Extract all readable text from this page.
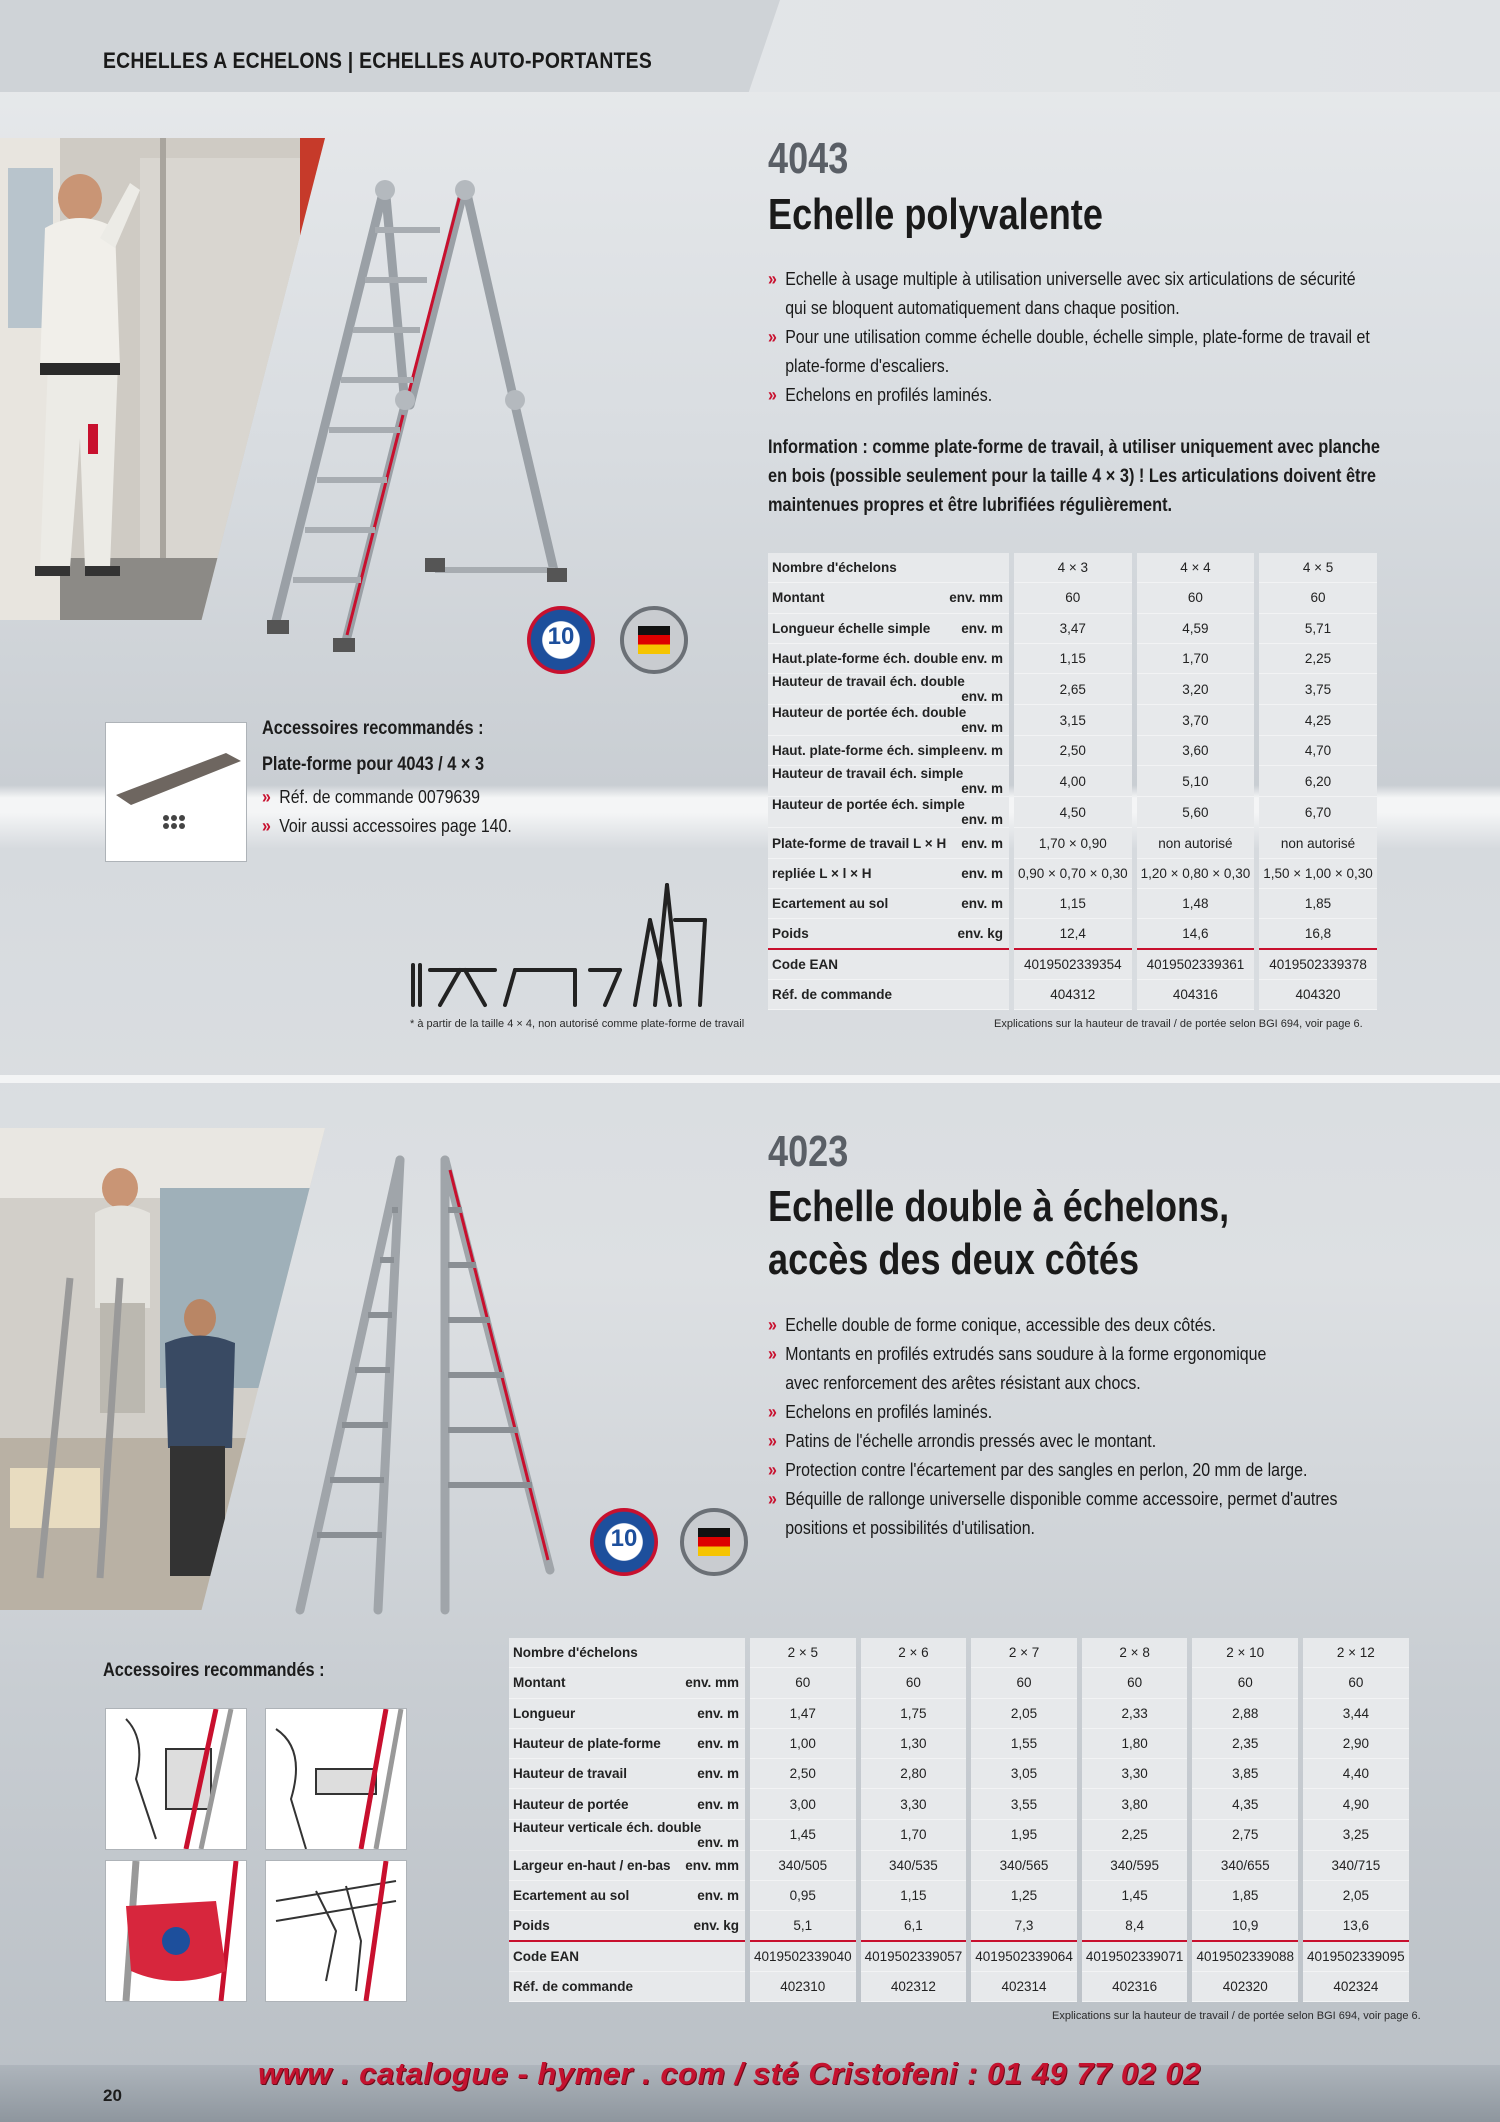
ECHELLES A ECHELONS | ECHELLES AUTO-PORTANTES
10
4043
Echelle polyvalente
» Echelle à usage multiple à utilisation universelle avec six articulations de sécurité
qui se bloquent automatiquement dans chaque position.
» Pour une utilisation comme échelle double, échelle simple, plate-forme de travail et
plate-forme d'escaliers.
» Echelons en profilés laminés.
Information : comme plate-forme de travail, à utiliser uniquement avec planche
en bois (possible seulement pour la taille 4 × 3) ! Les articulations doivent être
maintenues propres et être lubrifiées régulièrement.
Nombre d'échelons	4 × 3	4 × 4	4 × 5
Montant env. mm	60	60	60
Longueur échelle simple env. m	3,47	4,59	5,71
Haut.plate-forme éch. double env. m	1,15	1,70	2,25
Hauteur de travail éch. double
env. m	2,65	3,20	3,75
Hauteur de portée éch. double
env. m	3,15	3,70	4,25
Haut. plate-forme éch. simple env. m	2,50	3,60	4,70
Hauteur de travail éch. simple
env. m	4,00	5,10	6,20
Hauteur de portée éch. simple
env. m	4,50	5,60	6,70
Plate-forme de travail L × H env. m	1,70 × 0,90	non autorisé	non autorisé
repliée L × l × H env. m	0,90 × 0,70 × 0,30	1,20 × 0,80 × 0,30	1,50 × 1,00 × 0,30
Ecartement au sol env. m	1,15	1,48	1,85
Poids env. kg	12,4	14,6	16,8
Code EAN	4019502339354	4019502339361	4019502339378
Réf. de commande	404312	404316	404320
Explications sur la hauteur de travail / de portée selon BGI 694, voir page 6.
Accessoires recommandés :
Plate-forme pour 4043 / 4 × 3
» Réf. de commande 0079639
» Voir aussi accessoires page 140.
* à partir de la taille 4 × 4, non autorisé comme plate-forme de travail
10
4023
Echelle double à échelons,
accès des deux côtés
» Echelle double de forme conique, accessible des deux côtés.
» Montants en profilés extrudés sans soudure à la forme ergonomique
avec renforcement des arêtes résistant aux chocs.
» Echelons en profilés laminés.
» Patins de l'échelle arrondis pressés avec le montant.
» Protection contre l'écartement par des sangles en perlon, 20 mm de large.
» Béquille de rallonge universelle disponible comme accessoire, permet d'autres
positions et possibilités d'utilisation.
Accessoires recommandés :
Nombre d'échelons	2 × 5	2 × 6	2 × 7	2 × 8	2 × 10	2 × 12
Montant env. mm	60	60	60	60	60	60
Longueur env. m	1,47	1,75	2,05	2,33	2,88	3,44
Hauteur de plate-forme env. m	1,00	1,30	1,55	1,80	2,35	2,90
Hauteur de travail env. m	2,50	2,80	3,05	3,30	3,85	4,40
Hauteur de portée env. m	3,00	3,30	3,55	3,80	4,35	4,90
Hauteur verticale éch. double
env. m	1,45	1,70	1,95	2,25	2,75	3,25
Largeur en-haut / en-bas env. mm	340/505	340/535	340/565	340/595	340/655	340/715
Ecartement au sol env. m	0,95	1,15	1,25	1,45	1,85	2,05
Poids env. kg	5,1	6,1	7,3	8,4	10,9	13,6
Code EAN	4019502339040	4019502339057	4019502339064	4019502339071	4019502339088	4019502339095
Réf. de commande	402310	402312	402314	402316	402320	402324
Explications sur la hauteur de travail / de portée selon BGI 694, voir page 6.
20
www . catalogue - hymer . com / sté Cristofeni : 01 49 77 02 02
